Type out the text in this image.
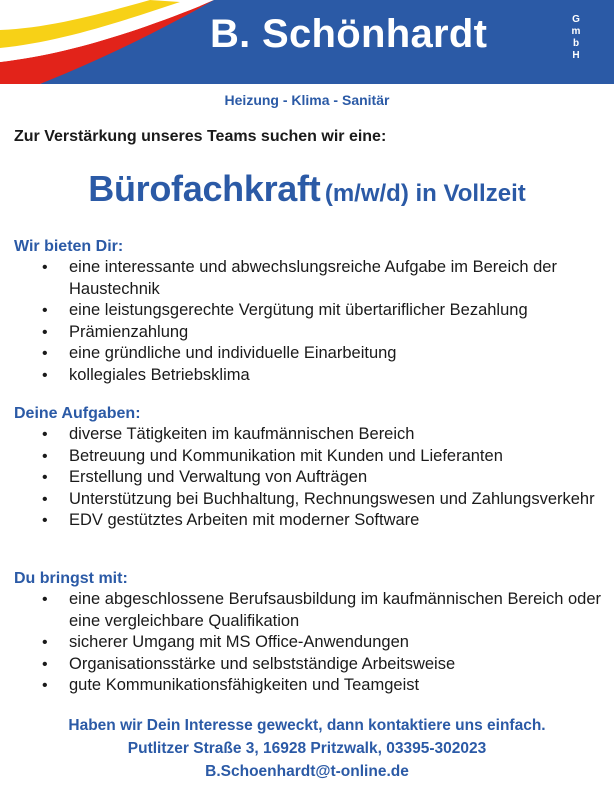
B. Schönhardt	G
m
b
H
Heizung - Klima - Sanitär
Zur Verstärkung unseres Teams suchen wir eine:
Bürofachkraft (m/w/d) in Vollzeit
Wir bieten Dir:
• eine interessante und abwechslungsreiche Aufgabe im Bereich der Haustechnik
• eine leistungsgerechte Vergütung mit übertariflicher Bezahlung
• Prämienzahlung
• eine gründliche und individuelle Einarbeitung
• kollegiales Betriebsklima
Deine Aufgaben:
• diverse Tätigkeiten im kaufmännischen Bereich
• Betreuung und Kommunikation mit Kunden und Lieferanten
• Erstellung und Verwaltung von Aufträgen
• Unterstützung bei Buchhaltung, Rechnungswesen und Zahlungsverkehr
• EDV gestütztes Arbeiten mit moderner Software
Du bringst mit:
• eine abgeschlossene Berufsausbildung im kaufmännischen Bereich oder eine vergleichbare Qualifikation
• sicherer Umgang mit MS Office-Anwendungen
• Organisationsstärke und selbstständige Arbeitsweise
• gute Kommunikationsfähigkeiten und Teamgeist
Haben wir Dein Interesse geweckt, dann kontaktiere uns einfach.
Putlitzer Straße 3, 16928 Pritzwalk, 03395-302023
B.Schoenhardt@t-online.de
